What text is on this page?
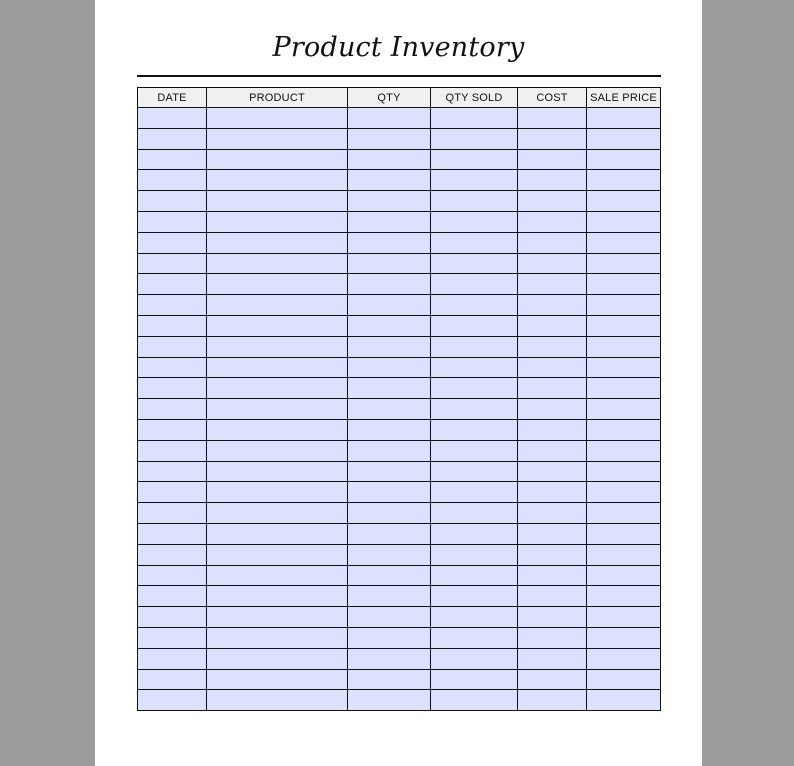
Product Inventory
DATE	PRODUCT	QTY	QTY SOLD	COST	SALE PRICE
